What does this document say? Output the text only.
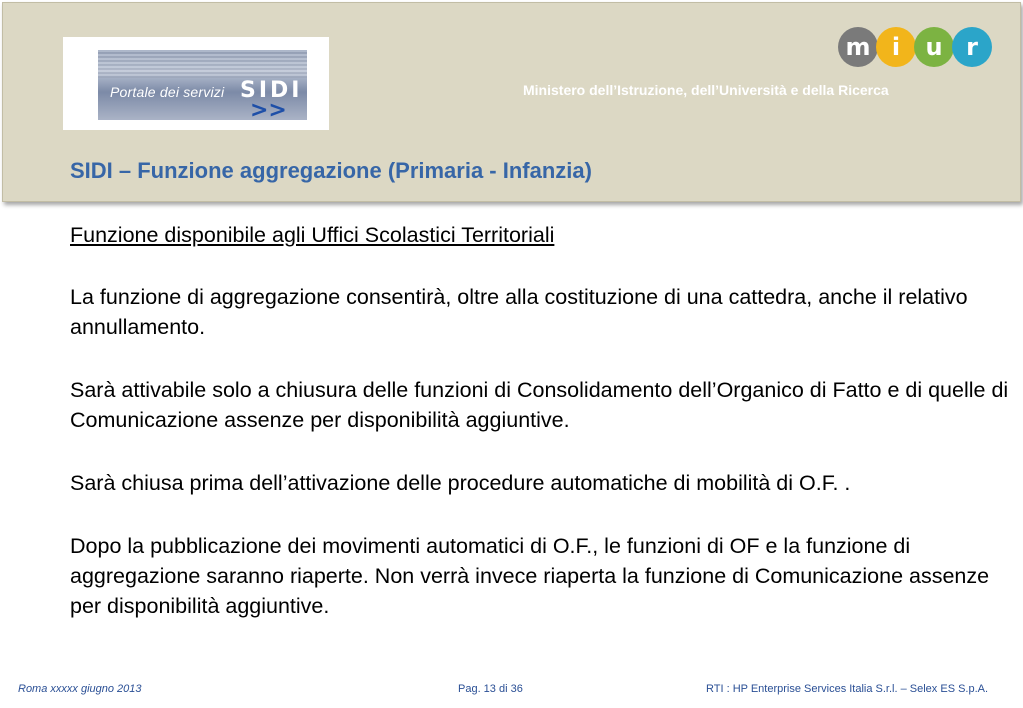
Portale dei servizi SIDI
>>
m i	u r
Ministero dell’Istruzione, dell’Università e della Ricerca
SIDI – Funzione aggregazione (Primaria - Infanzia)

Funzione disponibile agli Uffici Scolastici Territoriali

La funzione di aggregazione consentirà, oltre alla costituzione di una cattedra, anche il relativo annullamento.

Sarà attivabile solo a chiusura delle funzioni di Consolidamento dell’Organico di Fatto e di quelle di Comunicazione assenze per disponibilità aggiuntive.

Sarà chiusa prima dell’attivazione delle procedure automatiche di mobilità di O.F. .

Dopo la pubblicazione dei movimenti automatici di O.F., le funzioni di OF e la funzione di aggregazione saranno riaperte. Non verrà invece riaperta la funzione di Comunicazione assenze per disponibilità aggiuntive.

Roma xxxxx giugno 2013	Pag. 13 di 36	RTI : HP Enterprise Services Italia S.r.l. – Selex ES S.p.A.
